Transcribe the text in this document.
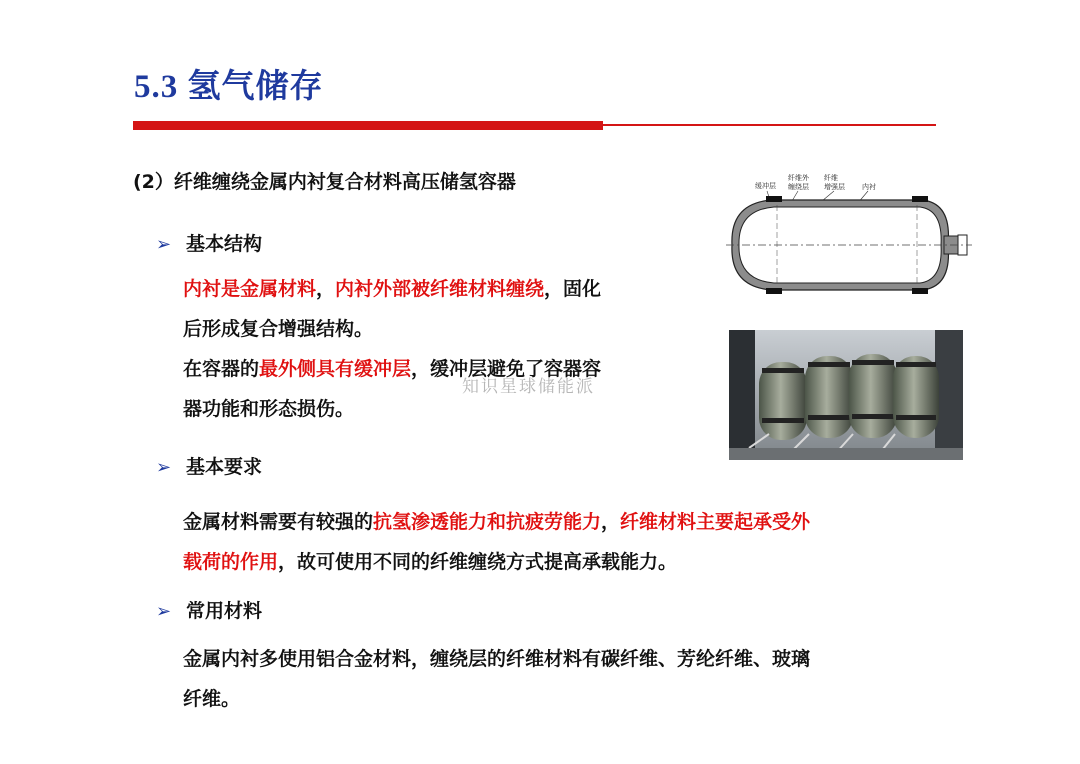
5.3 氢气储存
(2）纤维缠绕金属内衬复合材料高压储氢容器
➢ 基本结构
内衬是金属材料，内衬外部被纤维材料缠绕，固化
后形成复合增强结构。
在容器的最外侧具有缓冲层，缓冲层避免了容器容
器功能和形态损伤。
➢ 基本要求
金属材料需要有较强的抗氢渗透能力和抗疲劳能力，纤维材料主要起承受外
载荷的作用，故可使用不同的纤维缠绕方式提高承载能力。
➢ 常用材料
金属内衬多使用铝合金材料，缠绕层的纤维材料有碳纤维、芳纶纤维、玻璃
纤维。
缓冲层
纤维外
缠绕层
纤维
增强层 内衬
知识星球储能派
